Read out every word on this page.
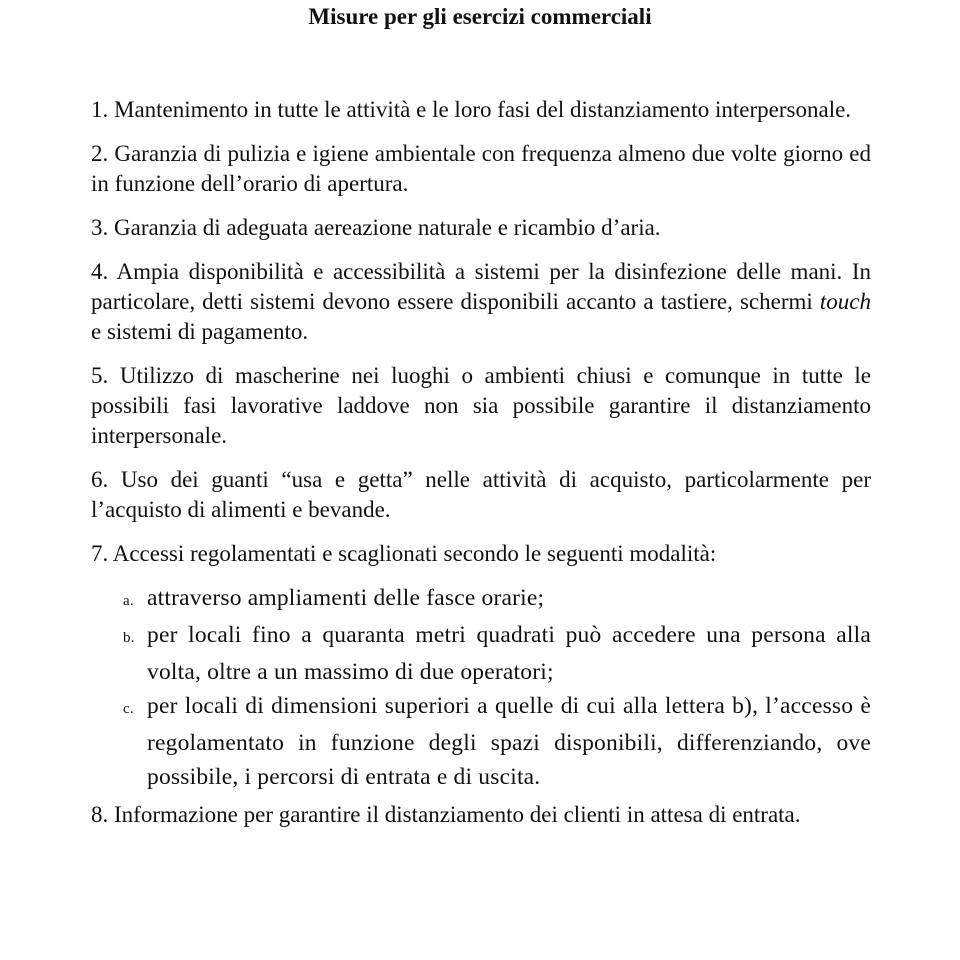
Misure per gli esercizi commerciali
1. Mantenimento in tutte le attività e le loro fasi del distanziamento interpersonale.
2. Garanzia di pulizia e igiene ambientale con frequenza almeno due volte giorno ed in funzione dell’orario di apertura.
3. Garanzia di adeguata aereazione naturale e ricambio d’aria.
4. Ampia disponibilità e accessibilità a sistemi per la disinfezione delle mani. In particolare, detti sistemi devono essere disponibili accanto a tastiere, schermi touch e sistemi di pagamento.
5. Utilizzo di mascherine nei luoghi o ambienti chiusi e comunque in tutte le possibili fasi lavorative laddove non sia possibile garantire il distanziamento interpersonale.
6. Uso dei guanti “usa e getta” nelle attività di acquisto, particolarmente per l’acquisto di alimenti e bevande.
7. Accessi regolamentati e scaglionati secondo le seguenti modalità:
a. attraverso ampliamenti delle fasce orarie;
b. per locali fino a quaranta metri quadrati può accedere una persona alla volta, oltre a un massimo di due operatori;
c. per locali di dimensioni superiori a quelle di cui alla lettera b), l’accesso è regolamentato in funzione degli spazi disponibili, differenziando, ove possibile, i percorsi di entrata e di uscita.
8. Informazione per garantire il distanziamento dei clienti in attesa di entrata.
